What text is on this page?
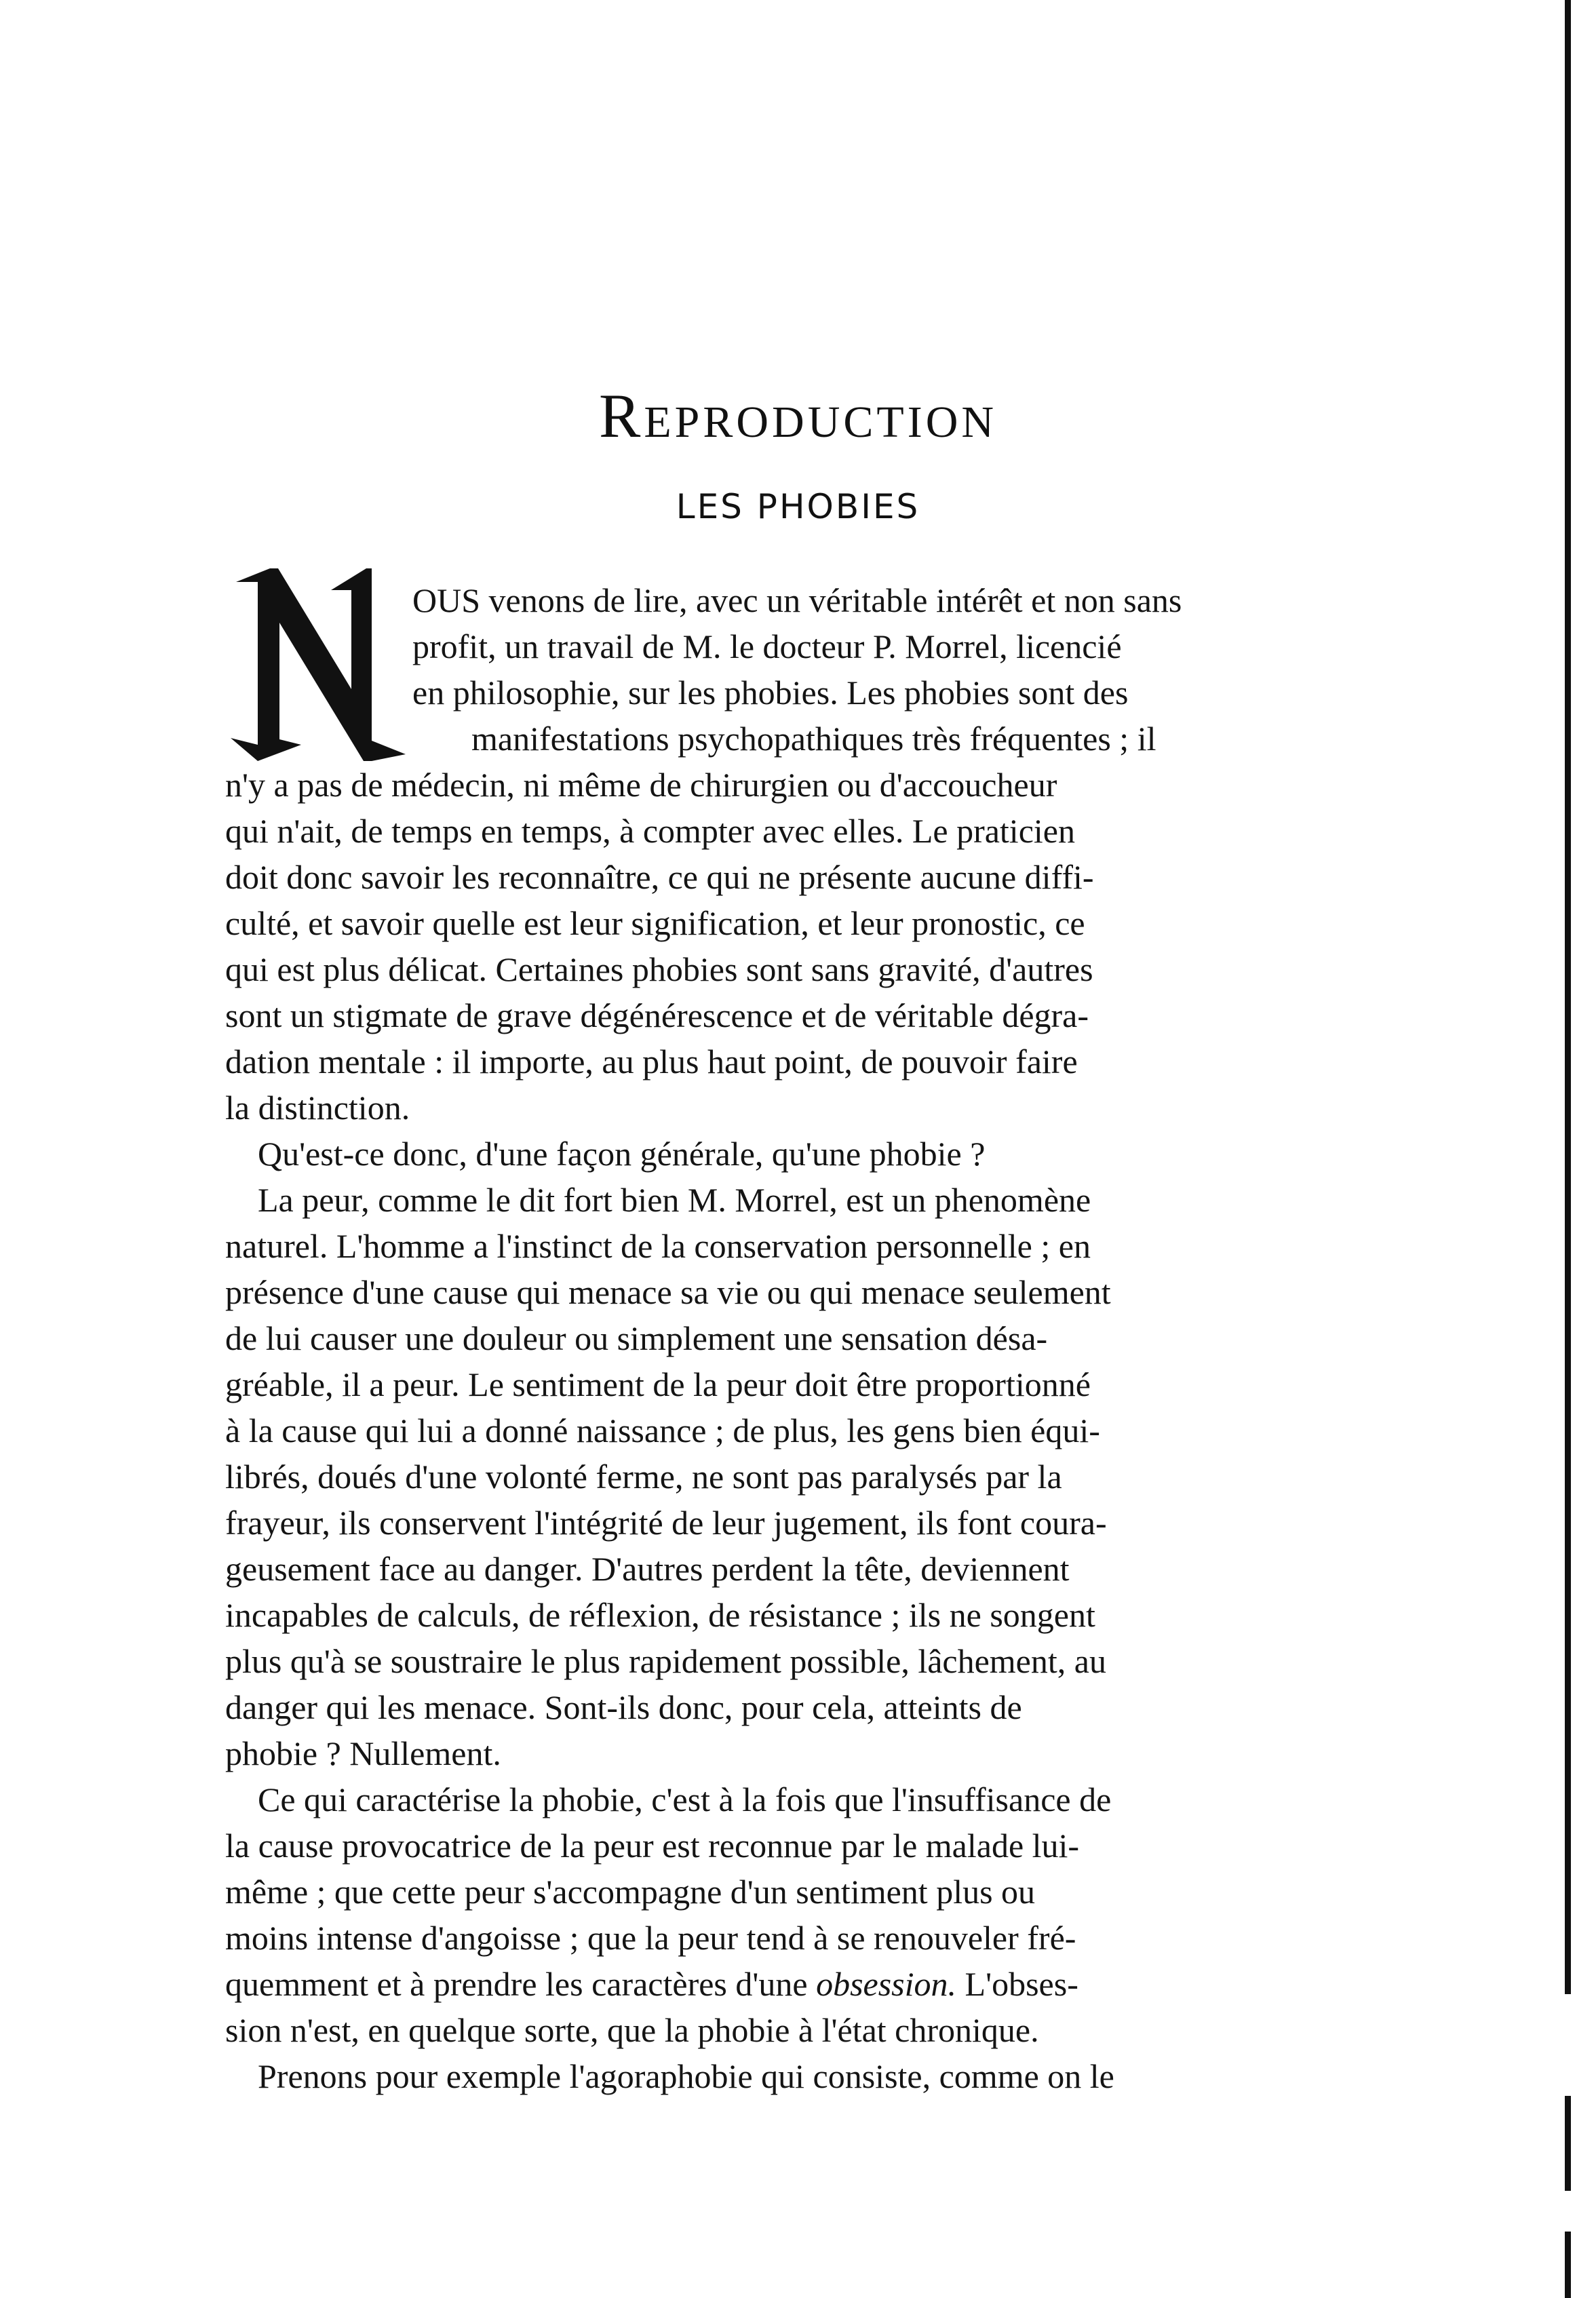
REPRODUCTION
LES PHOBIES
OUS venons de lire, avec un véritable intérêt et non sans
profit, un travail de M. le docteur P. Morrel, licencié
en philosophie, sur les phobies. Les phobies sont des
manifestations psychopathiques très fréquentes ; il
n'y a pas de médecin, ni même de chirurgien ou d'accoucheur
qui n'ait, de temps en temps, à compter avec elles. Le praticien
doit donc savoir les reconnaître, ce qui ne présente aucune diffi-
culté, et savoir quelle est leur signification, et leur pronostic, ce
qui est plus délicat. Certaines phobies sont sans gravité, d'autres
sont un stigmate de grave dégénérescence et de véritable dégra-
dation mentale : il importe, au plus haut point, de pouvoir faire
la distinction.
Qu'est-ce donc, d'une façon générale, qu'une phobie ?
La peur, comme le dit fort bien M. Morrel, est un phenomène
naturel. L'homme a l'instinct de la conservation personnelle ; en
présence d'une cause qui menace sa vie ou qui menace seulement
de lui causer une douleur ou simplement une sensation désa-
gréable, il a peur. Le sentiment de la peur doit être proportionné
à la cause qui lui a donné naissance ; de plus, les gens bien équi-
librés, doués d'une volonté ferme, ne sont pas paralysés par la
frayeur, ils conservent l'intégrité de leur jugement, ils font coura-
geusement face au danger. D'autres perdent la tête, deviennent
incapables de calculs, de réflexion, de résistance ; ils ne songent
plus qu'à se soustraire le plus rapidement possible, lâchement, au
danger qui les menace. Sont-ils donc, pour cela, atteints de
phobie ? Nullement.
Ce qui caractérise la phobie, c'est à la fois que l'insuffisance de
la cause provocatrice de la peur est reconnue par le malade lui-
même ; que cette peur s'accompagne d'un sentiment plus ou
moins intense d'angoisse ; que la peur tend à se renouveler fré-
quemment et à prendre les caractères d'une obsession. L'obses-
sion n'est, en quelque sorte, que la phobie à l'état chronique.
Prenons pour exemple l'agoraphobie qui consiste, comme on le
